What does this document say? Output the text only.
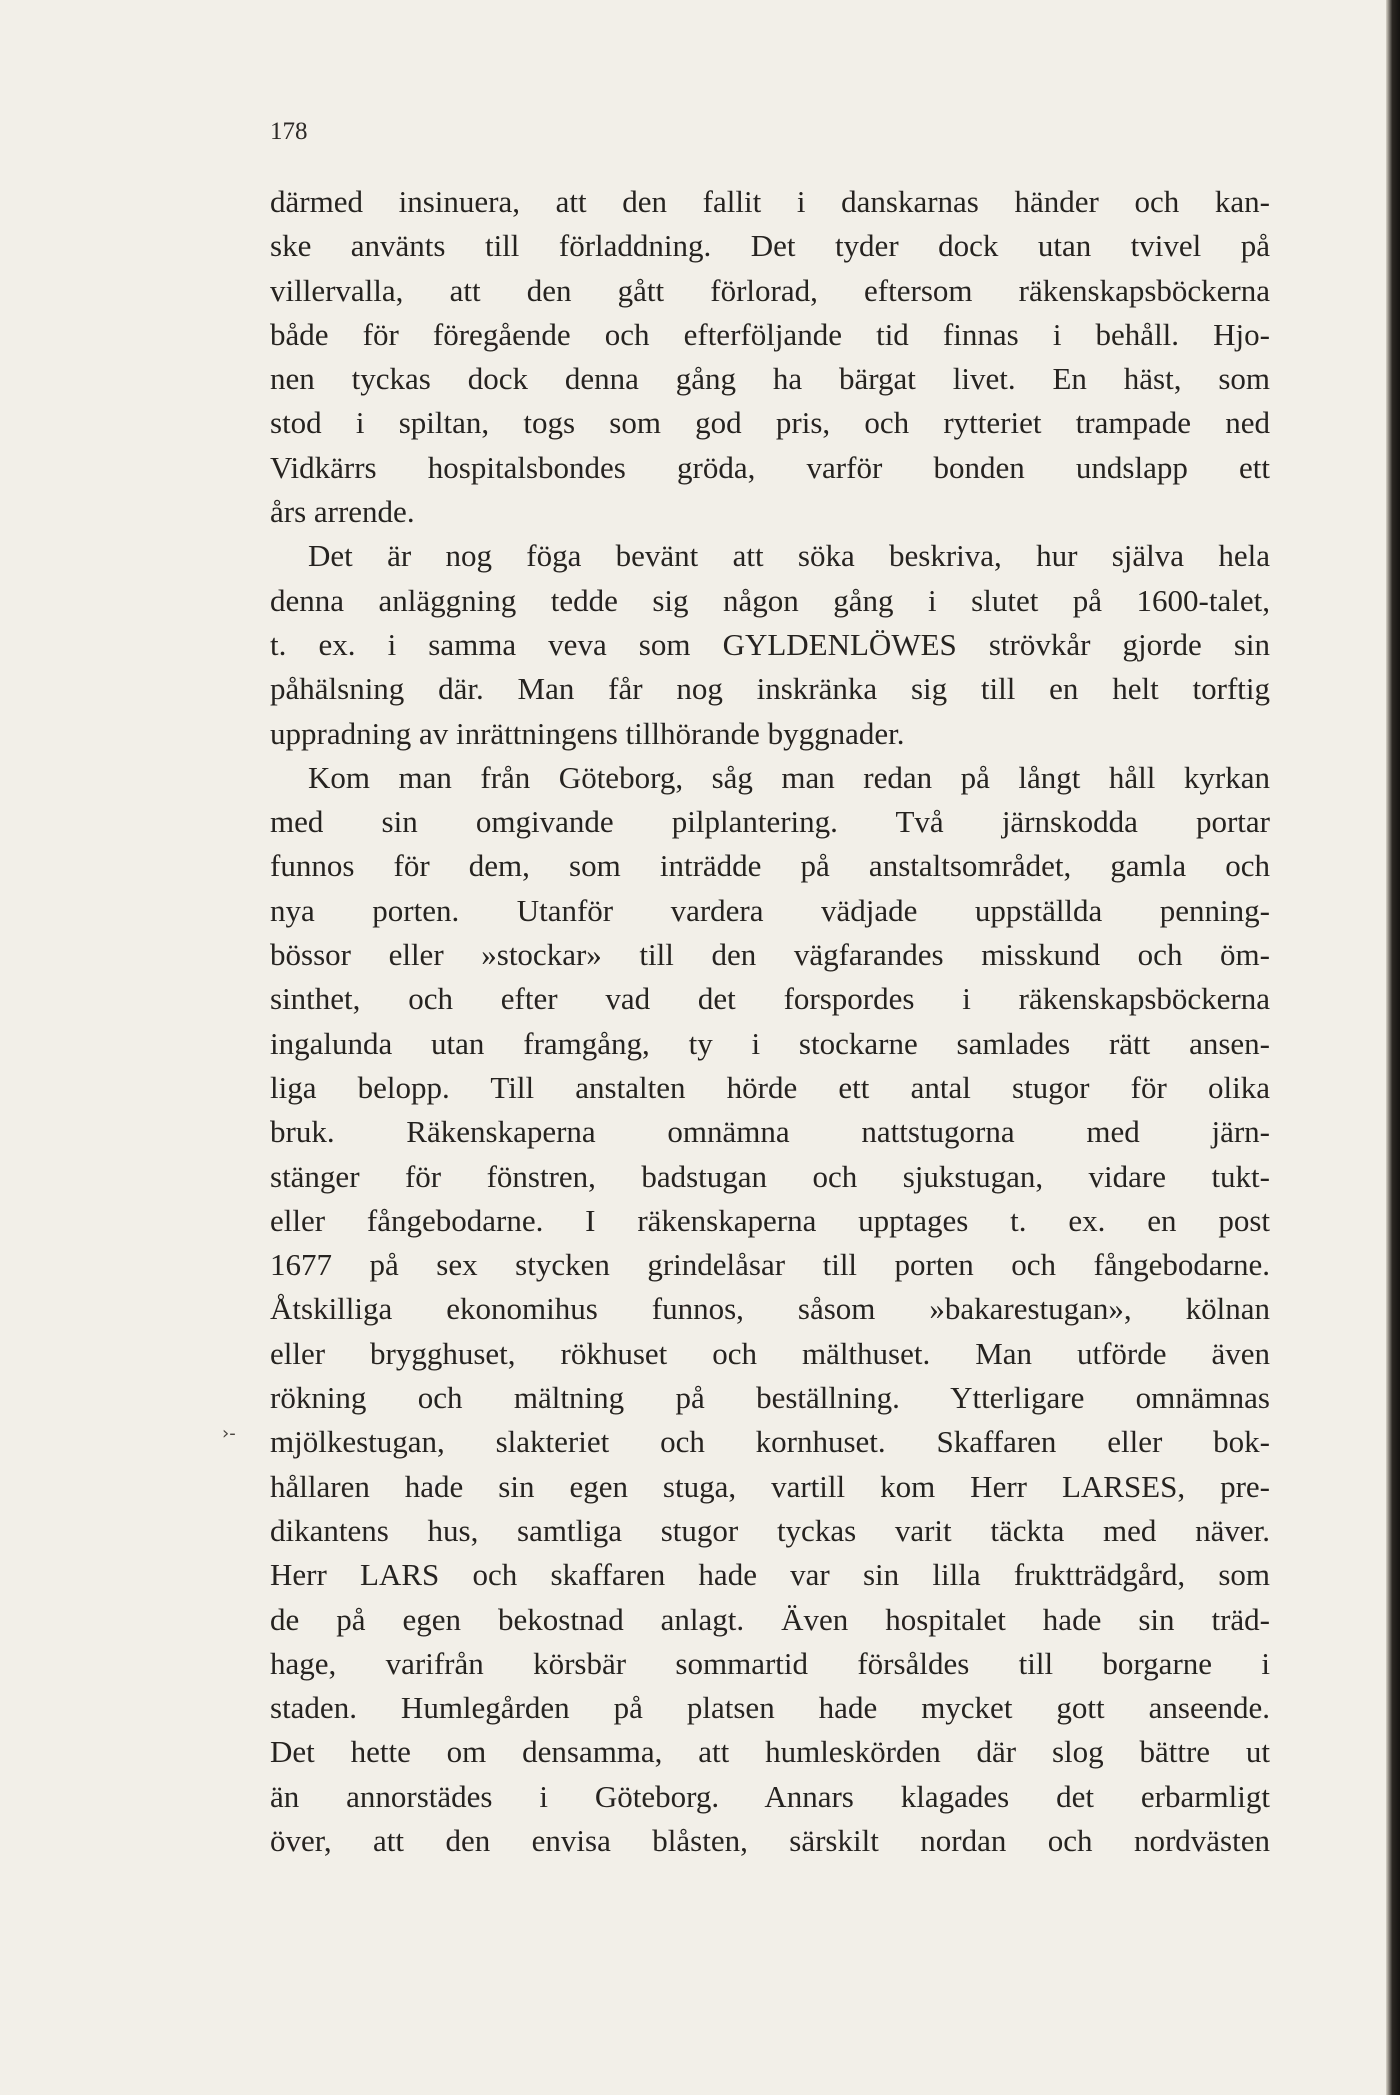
178
›-
därmed insinuera, att den fallit i danskarnas händer och kan-
ske använts till förladdning. Det tyder dock utan tvivel på
villervalla, att den gått förlorad, eftersom räkenskapsböckerna
både för föregående och efterföljande tid finnas i behåll. Hjo-
nen tyckas dock denna gång ha bärgat livet. En häst, som
stod i spiltan, togs som god pris, och rytteriet trampade ned
Vidkärrs hospitalsbondes gröda, varför bonden undslapp ett
års arrende.
Det är nog föga bevänt att söka beskriva, hur själva hela
denna anläggning tedde sig någon gång i slutet på 1600-talet,
t. ex. i samma veva som GYLDENLÖWES strövkår gjorde sin
påhälsning där. Man får nog inskränka sig till en helt torftig
uppradning av inrättningens tillhörande byggnader.
Kom man från Göteborg, såg man redan på långt håll kyrkan
med sin omgivande pilplantering. Två järnskodda portar
funnos för dem, som inträdde på anstaltsområdet, gamla och
nya porten. Utanför vardera vädjade uppställda penning-
bössor eller »stockar» till den vägfarandes misskund och öm-
sinthet, och efter vad det forspordes i räkenskapsböckerna
ingalunda utan framgång, ty i stockarne samlades rätt ansen-
liga belopp. Till anstalten hörde ett antal stugor för olika
bruk. Räkenskaperna omnämna nattstugorna med järn-
stänger för fönstren, badstugan och sjukstugan, vidare tukt-
eller fångebodarne. I räkenskaperna upptages t. ex. en post
1677 på sex stycken grindelåsar till porten och fångebodarne.
Åtskilliga ekonomihus funnos, såsom »bakarestugan», kölnan
eller brygghuset, rökhuset och mälthuset. Man utförde även
rökning och mältning på beställning. Ytterligare omnämnas
mjölkestugan, slakteriet och kornhuset. Skaffaren eller bok-
hållaren hade sin egen stuga, vartill kom Herr LARSES, pre-
dikantens hus, samtliga stugor tyckas varit täckta med näver.
Herr LARS och skaffaren hade var sin lilla fruktträdgård, som
de på egen bekostnad anlagt. Även hospitalet hade sin träd-
hage, varifrån körsbär sommartid försåldes till borgarne i
staden. Humlegården på platsen hade mycket gott anseende.
Det hette om densamma, att humleskörden där slog bättre ut
än annorstädes i Göteborg. Annars klagades det erbarmligt
över, att den envisa blåsten, särskilt nordan och nordvästen
